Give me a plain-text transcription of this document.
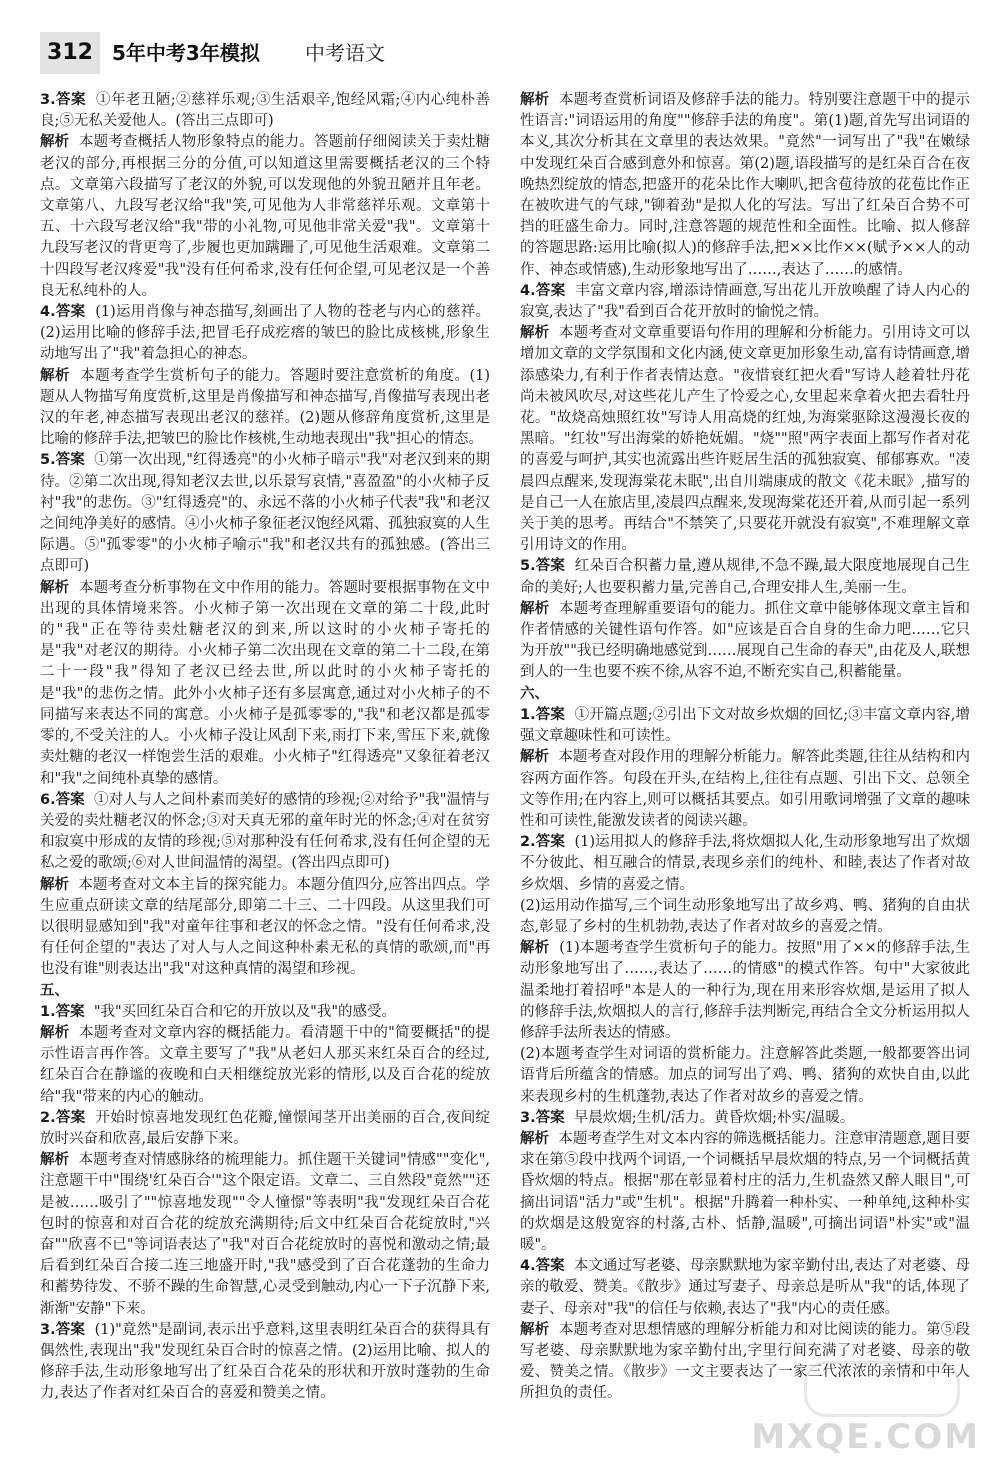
312 5年中考3年模拟 中考语文

3.答案 ①年老丑陋;②慈祥乐观;③生活艰辛,饱经风霜;④内心纯朴善良;⑤无私关爱他人。(答出三点即可)

解析 本题考查概括人物形象特点的能力。答题前仔细阅读关于卖灶糖老汉的部分,再根据三分的分值,可以知道这里需要概括老汉的三个特点。文章第六段描写了老汉的外貌,可以发现他的外貌丑陋并且年老。文章第八、九段写老汉给"我"笑,可见他为人非常慈祥乐观。文章第十五、十六段写老汉给"我"带的小礼物,可见他非常关爱"我"。文章第十九段写老汉的背更弯了,步履也更加蹒跚了,可见他生活艰难。文章第二十四段写老汉疼爱"我"没有任何希求,没有任何企望,可见老汉是一个善良无私纯朴的人。

4.答案 (1)运用肖像与神态描写,刻画出了人物的苍老与内心的慈祥。(2)运用比喻的修辞手法,把冒毛孖成疙瘩的皱巴的脸比成核桃,形象生动地写出了"我"着急担心的神态。

解析 本题考查学生赏析句子的能力。答题时要注意赏析的角度。(1)题从人物描写角度赏析,这里是肖像描写和神态描写,肖像描写表现出老汉的年老,神态描写表现出老汉的慈祥。(2)题从修辞角度赏析,这里是比喻的修辞手法,把皱巴的脸比作核桃,生动地表现出"我"担心的情态。

5.答案 ①第一次出现,"红得透亮"的小火柿子暗示"我"对老汉到来的期待。②第二次出现,得知老汉去世,以乐景写哀情,"喜盈盈"的小火柿子反衬"我"的悲伤。③"红得透亮"的、永远不落的小火柿子代表"我"和老汉之间纯净美好的感情。④小火柿子象征老汉饱经风霜、孤独寂寞的人生际遇。⑤"孤零零"的小火柿子喻示"我"和老汉共有的孤独感。(答出三点即可)

解析 本题考查分析事物在文中作用的能力。答题时要根据事物在文中出现的具体情境来答。小火柿子第一次出现在文章的第二十段,此时的"我"正在等待卖灶糖老汉的到来,所以这时的小火柿子寄托的是"我"对老汉的期待。小火柿子第二次出现在文章的第二十二段,在第二十一段"我"得知了老汉已经去世,所以此时的小火柿子寄托的是"我"的悲伤之情。此外小火柿子还有多层寓意,通过对小火柿子的不同描写来表达不同的寓意。小火柿子是孤零零的,"我"和老汉都是孤零零的,不受关注的人。小火柿子没让风刮下来,雨打下来,雪压下来,就像卖灶糖的老汉一样饱尝生活的艰难。小火柿子"红得透亮"又象征着老汉和"我"之间纯朴真挚的感情。

6.答案 ①对人与人之间朴素而美好的感情的珍视;②对给予"我"温情与关爱的卖灶糖老汉的怀念;③对天真无邪的童年时光的怀念;④对在贫穷和寂寞中形成的友情的珍视;⑤对那种没有任何希求,没有任何企望的无私之爱的歌颂;⑥对人世间温情的渴望。(答出四点即可)

解析 本题考查对文本主旨的探究能力。本题分值四分,应答出四点。学生应重点研读文章的结尾部分,即第二十三、二十四段。从这里我们可以很明显感知到"我"对童年往事和老汉的怀念之情。"没有任何希求,没有任何企望的"表达了对人与人之间这种朴素无私的真情的歌颂,而"再也没有谁"则表达出"我"对这种真情的渴望和珍视。

五、

1.答案 "我"买回红朵百合和它的开放以及"我"的感受。

解析 本题考查对文章内容的概括能力。看清题干中的"简要概括"的提示性语言再作答。文章主要写了"我"从老妇人那买来红朵百合的经过,红朵百合在静谧的夜晚和白天相继绽放光彩的情形,以及百合花的绽放给"我"带来的内心的触动。

2.答案 开始时惊喜地发现红色花瓣,憧憬闻茎开出美丽的百合,夜间绽放时兴奋和欣喜,最后安静下来。

解析 本题考查对情感脉络的梳理能力。抓住题干关键词"情感""变化",注意题干中"围绕'红朵百合'"这个限定语。文章二、三自然段"竟然""还是被……吸引了""惊喜地发现""令人憧憬"等表明"我"发现红朵百合花包时的惊喜和对百合花的绽放充满期待;后文中红朵百合花绽放时,"兴奋""欣喜不已"等词语表达了"我"对百合花绽放时的喜悦和激动之情;最后看到红朵百合接二连三地盛开时,"我"感受到了百合花蓬勃的生命力和蓄势待发、不骄不躁的生命智慧,心灵受到触动,内心一下子沉静下来,渐渐"安静"下来。

3.答案 (1)"竟然"是副词,表示出乎意料,这里表明红朵百合的获得具有偶然性,表现出"我"发现红朵百合时的惊喜之情。(2)运用比喻、拟人的修辞手法,生动形象地写出了红朵百合花朵的形状和开放时蓬勃的生命力,表达了作者对红朵百合的喜爱和赞美之情。

解析 本题考查赏析词语及修辞手法的能力。特别要注意题干中的提示性语言:"词语运用的角度""修辞手法的角度"。第(1)题,首先写出词语的本义,其次分析其在文章里的表达效果。"竟然"一词写出了"我"在嫩绿中发现红朵百合感到意外和惊喜。第(2)题,语段描写的是红朵百合在夜晚热烈绽放的情态,把盛开的花朵比作大喇叭,把含苞待放的花苞比作正在被吹进气的气球,"铆着劲"是拟人化的写法。写出了红朵百合势不可挡的旺盛生命力。同时,注意答题的规范性和全面性。比喻、拟人修辞的答题思路:运用比喻(拟人)的修辞手法,把××比作××(赋予××人的动作、神态或情感),生动形象地写出了……,表达了……的感情。

4.答案 丰富文章内容,增添诗情画意,写出花儿开放唤醒了诗人内心的寂寞,表达了"我"看到百合花开放时的愉悦之情。

解析 本题考查对文章重要语句作用的理解和分析能力。引用诗文可以增加文章的文学氛围和文化内涵,使文章更加形象生动,富有诗情画意,增添感染力,有利于作者表情达意。"夜惜衰红把火看"写诗人趁着牡丹花尚未被风吹尽,对这些花儿产生了怜爱之心,女里起来拿着火把去看牡丹花。"故烧高烛照红妆"写诗人用高烧的红烛,为海棠驱除这漫漫长夜的黑暗。"红妆"写出海棠的娇艳妩媚。"烧""照"两字表面上都写作者对花的喜爱与呵护,其实也流露出些许贬居生活的孤独寂寞、郁郁寡欢。"凌晨四点醒来,发现海棠花未眠",出自川端康成的散文《花未眠》,描写的是自己一人在旅店里,凌晨四点醒来,发现海棠花还开着,从而引起一系列关于美的思考。再结合"不禁笑了,只要花开就没有寂寞",不难理解文章引用诗文的作用。

5.答案 红朵百合积蓄力量,遵从规律,不急不躁,最大限度地展现自己生命的美好;人也要积蓄力量,完善自己,合理安排人生,美丽一生。

解析 本题考查理解重要语句的能力。抓住文章中能够体现文章主旨和作者情感的关键性语句作答。如"应该是百合自身的生命力吧……它只为开放""我已经明确地感觉到……展现自己生命的春天",由花及人,联想到人的一生也要不疾不徐,从容不迫,不断充实自己,积蓄能量。

六、

1.答案 ①开篇点题;②引出下文对故乡炊烟的回忆;③丰富文章内容,增强文章趣味性和可读性。

解析 本题考查对段作用的理解分析能力。解答此类题,往往从结构和内容两方面作答。句段在开头,在结构上,往往有点题、引出下文、总领全文等作用;在内容上,则可以概括其要点。如引用歌词增强了文章的趣味性和可读性,能激发读者的阅读兴趣。

2.答案 (1)运用拟人的修辞手法,将炊烟拟人化,生动形象地写出了炊烟不分彼此、相互融合的情景,表现乡亲们的纯朴、和睦,表达了作者对故乡炊烟、乡情的喜爱之情。

(2)运用动作描写,三个词生动形象地写出了故乡鸡、鸭、猪狗的自由状态,彰显了乡村的生机勃勃,表达了作者对故乡的喜爱之情。

解析 (1)本题考查学生赏析句子的能力。按照"用了××的修辞手法,生动形象地写出了……,表达了……的情感"的模式作答。句中"大家彼此温柔地打着招呼"本是人的一种行为,现在用来形容炊烟,是运用了拟人的修辞手法,炊烟拟人的言行,修辞手法判断完,再结合全文分析运用拟人修辞手法所表达的情感。

(2)本题考查学生对词语的赏析能力。注意解答此类题,一般都要答出词语背后所蕴含的情感。加点的词写出了鸡、鸭、猪狗的欢快自由,以此来表现乡村的生机蓬勃,表达了作者对故乡的喜爱之情。

3.答案 早晨炊烟;生机/活力。黄昏炊烟;朴实/温暖。

解析 本题考查学生对文本内容的筛选概括能力。注意审清题意,题目要求在第⑤段中找两个词语,一个词概括早晨炊烟的特点,另一个词概括黄昏炊烟的特点。根据"那在彰显着村庄的活力,生机盎然又醉人眼目",可摘出词语"活力"或"生机"。根据"升腾着一种朴实、一种单纯,这种朴实的炊烟是这般宽容的村落,古朴、恬静,温暖",可摘出词语"朴实"或"温暖"。

4.答案 本文通过写老婆、母亲默默地为家辛勤付出,表达了对老婆、母亲的敬爱、赞美。《散步》通过写妻子、母亲总是听从"我"的话,体现了妻子、母亲对"我"的信任与依赖,表达了"我"内心的责任感。

解析 本题考查对思想情感的理解分析能力和对比阅读的能力。第⑤段写老婆、母亲默默地为家辛勤付出,字里行间充满了对老婆、母亲的敬爱、赞美之情。《散步》一文主要表达了一家三代浓浓的亲情和中年人所担负的责任。

MXQE.COM
